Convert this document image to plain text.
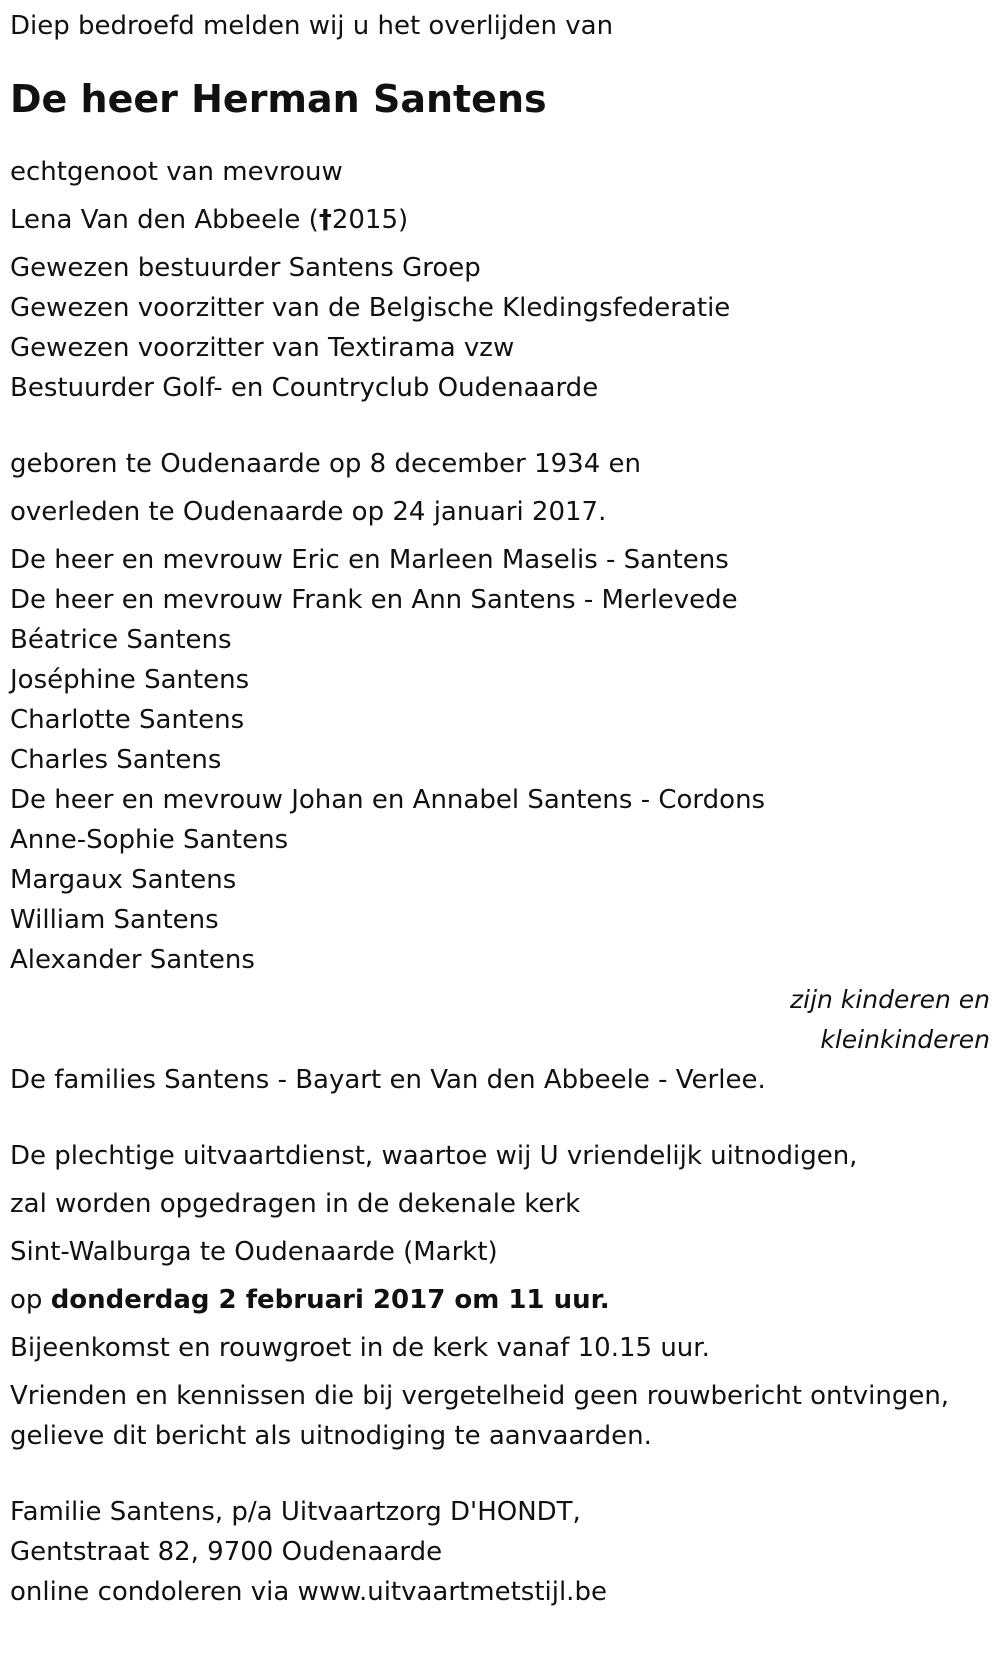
Diep bedroefd melden wij u het overlijden van
De heer Herman Santens
echtgenoot van mevrouw
Lena Van den Abbeele (†2015)
Gewezen bestuurder Santens Groep
Gewezen voorzitter van de Belgische Kledingsfederatie
Gewezen voorzitter van Textirama vzw
Bestuurder Golf- en Countryclub Oudenaarde
geboren te Oudenaarde op 8 december 1934 en
overleden te Oudenaarde op 24 januari 2017.
De heer en mevrouw Eric en Marleen Maselis - Santens
De heer en mevrouw Frank en Ann Santens - Merlevede
Béatrice Santens
Joséphine Santens
Charlotte Santens
Charles Santens
De heer en mevrouw Johan en Annabel Santens - Cordons
Anne-Sophie Santens
Margaux Santens
William Santens
Alexander Santens
zijn kinderen en
kleinkinderen
De families Santens - Bayart en Van den Abbeele - Verlee.
De plechtige uitvaartdienst, waartoe wij U vriendelijk uitnodigen,
zal worden opgedragen in de dekenale kerk
Sint-Walburga te Oudenaarde (Markt)
op donderdag 2 februari 2017 om 11 uur.
Bijeenkomst en rouwgroet in de kerk vanaf 10.15 uur.
Vrienden en kennissen die bij vergetelheid geen rouwbericht ontvingen,
gelieve dit bericht als uitnodiging te aanvaarden.
Familie Santens, p/a Uitvaartzorg D'HONDT,
Gentstraat 82, 9700 Oudenaarde
online condoleren via www.uitvaartmetstijl.be
